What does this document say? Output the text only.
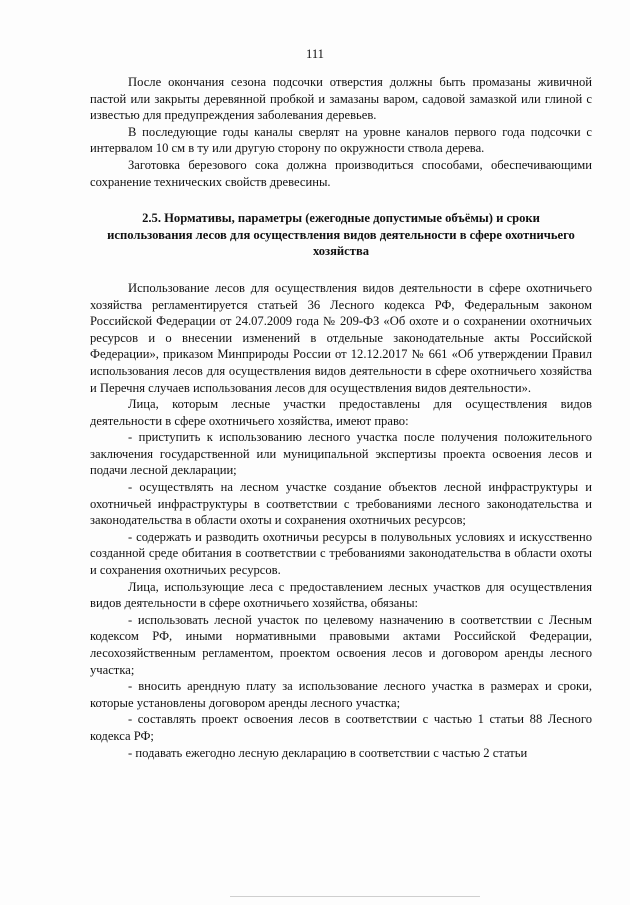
111

После окончания сезона подсочки отверстия должны быть промазаны живичной пастой или закрыты деревянной пробкой и замазаны варом, садовой замазкой или глиной с известью для предупреждения заболевания деревьев.

В последующие годы каналы сверлят на уровне каналов первого года подсочки с интервалом 10 см в ту или другую сторону по окружности ствола дерева.

Заготовка березового сока должна производиться способами, обеспечивающими сохранение технических свойств древесины.

2.5. Нормативы, параметры (ежегодные допустимые объёмы) и сроки использования лесов для осуществления видов деятельности в сфере охотничьего хозяйства

Использование лесов для осуществления видов деятельности в сфере охотничьего хозяйства регламентируется статьей 36 Лесного кодекса РФ, Федеральным законом Российской Федерации от 24.07.2009 года № 209-ФЗ «Об охоте и о сохранении охотничьих ресурсов и о внесении изменений в отдельные законодательные акты Российской Федерации», приказом Минприроды России от 12.12.2017 № 661 «Об утверждении Правил использования лесов для осуществления видов деятельности в сфере охотничьего хозяйства и Перечня случаев использования лесов для осуществления видов деятельности».

Лица, которым лесные участки предоставлены для осуществления видов деятельности в сфере охотничьего хозяйства, имеют право:

- приступить к использованию лесного участка после получения положительного заключения государственной или муниципальной экспертизы проекта освоения лесов и подачи лесной декларации;

- осуществлять на лесном участке создание объектов лесной инфраструктуры и охотничьей инфраструктуры в соответствии с требованиями лесного законодательства и законодательства в области охоты и сохранения охотничьих ресурсов;

- содержать и разводить охотничьи ресурсы в полувольных условиях и искусственно созданной среде обитания в соответствии с требованиями законодательства в области охоты и сохранения охотничьих ресурсов.

Лица, использующие леса с предоставлением лесных участков для осуществления видов деятельности в сфере охотничьего хозяйства, обязаны:

- использовать лесной участок по целевому назначению в соответствии с Лесным кодексом РФ, иными нормативными правовыми актами Российской Федерации, лесохозяйственным регламентом, проектом освоения лесов и договором аренды лесного участка;

- вносить арендную плату за использование лесного участка в размерах и сроки, которые установлены договором аренды лесного участка;

- составлять проект освоения лесов в соответствии с частью 1 статьи 88 Лесного кодекса РФ;

- подавать ежегодно лесную декларацию в соответствии с частью 2 статьи
